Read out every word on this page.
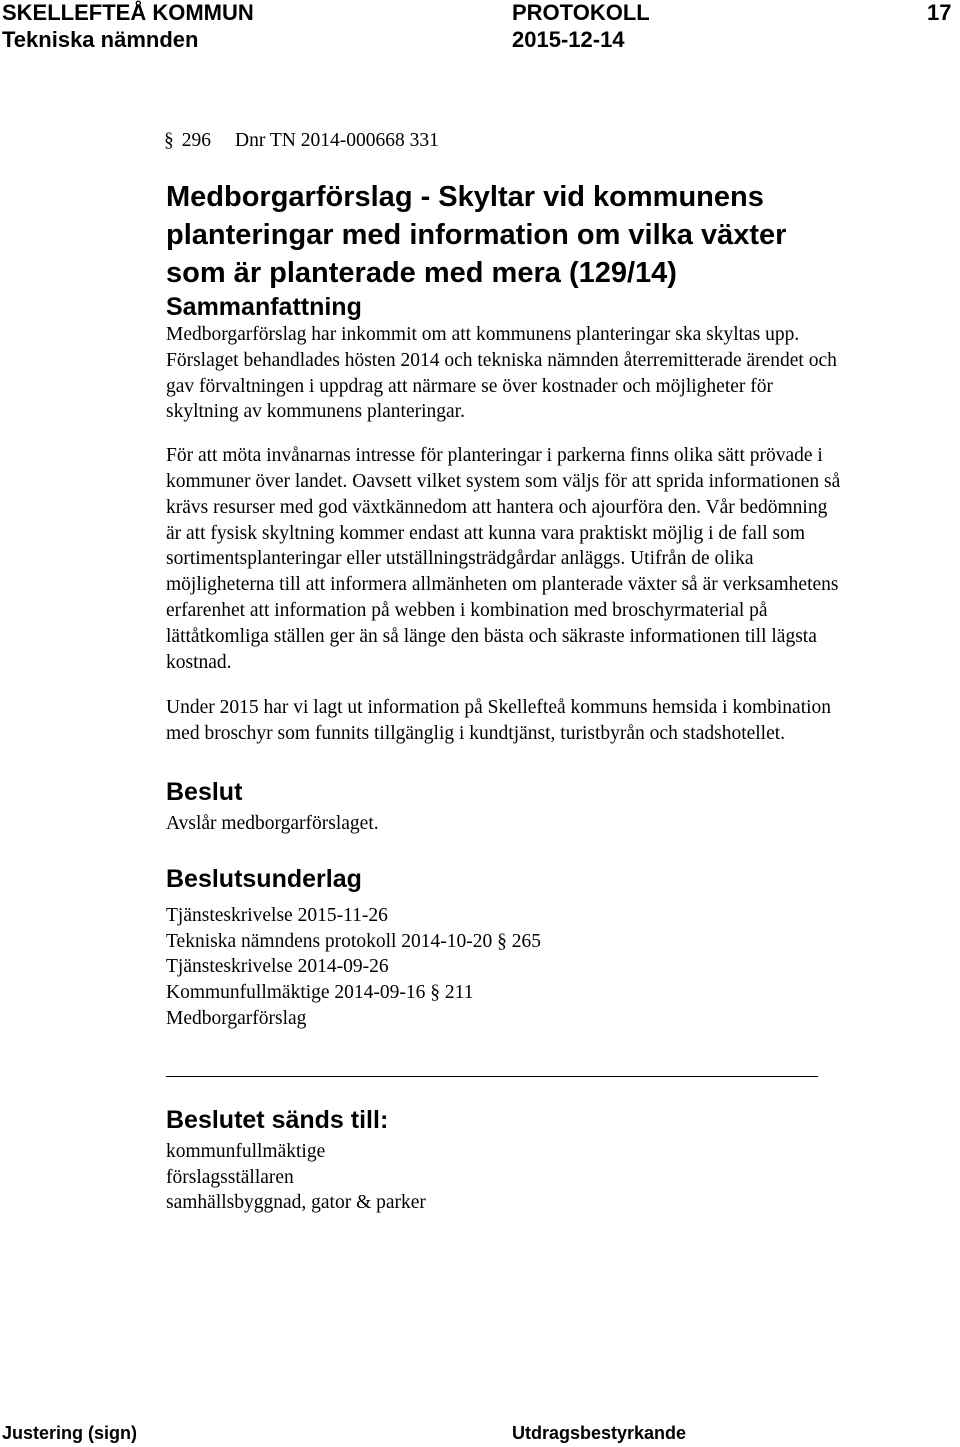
SKELLEFTEÅ KOMMUN	PROTOKOLL	17
Tekniska nämnden	2015-12-14
§ 296 Dnr TN 2014-000668 331
Medborgarförslag - Skyltar vid kommunens planteringar med information om vilka växter som är planterade med mera (129/14)
Sammanfattning

Medborgarförslag har inkommit om att kommunens planteringar ska skyltas upp. Förslaget behandlades hösten 2014 och tekniska nämnden återremitterade ärendet och gav förvaltningen i uppdrag att närmare se över kostnader och möjligheter för skyltning av kommunens planteringar.

För att möta invånarnas intresse för planteringar i parkerna finns olika sätt prövade i kommuner över landet. Oavsett vilket system som väljs för att sprida informationen så krävs resurser med god växtkännedom att hantera och ajourföra den. Vår bedömning är att fysisk skyltning kommer endast att kunna vara praktiskt möjlig i de fall som sortimentsplanteringar eller utställningsträdgårdar anläggs. Utifrån de olika möjligheterna till att informera allmänheten om planterade växter så är verksamhetens erfarenhet att information på webben i kombination med broschyrmaterial på lättåtkomliga ställen ger än så länge den bästa och säkraste informationen till lägsta kostnad.

Under 2015 har vi lagt ut information på Skellefteå kommuns hemsida i kombination med broschyr som funnits tillgänglig i kundtjänst, turistbyrån och stadshotellet.

Beslut

Avslår medborgarförslaget.

Beslutsunderlag
Tjänsteskrivelse 2015-11-26
Tekniska nämndens protokoll 2014-10-20 § 265
Tjänsteskrivelse 2014-09-26
Kommunfullmäktige 2014-09-16 § 211
Medborgarförslag
Beslutet sänds till:
kommunfullmäktige
förslagsställaren
samhällsbyggnad, gator & parker
Justering (sign)	Utdragsbestyrkande
